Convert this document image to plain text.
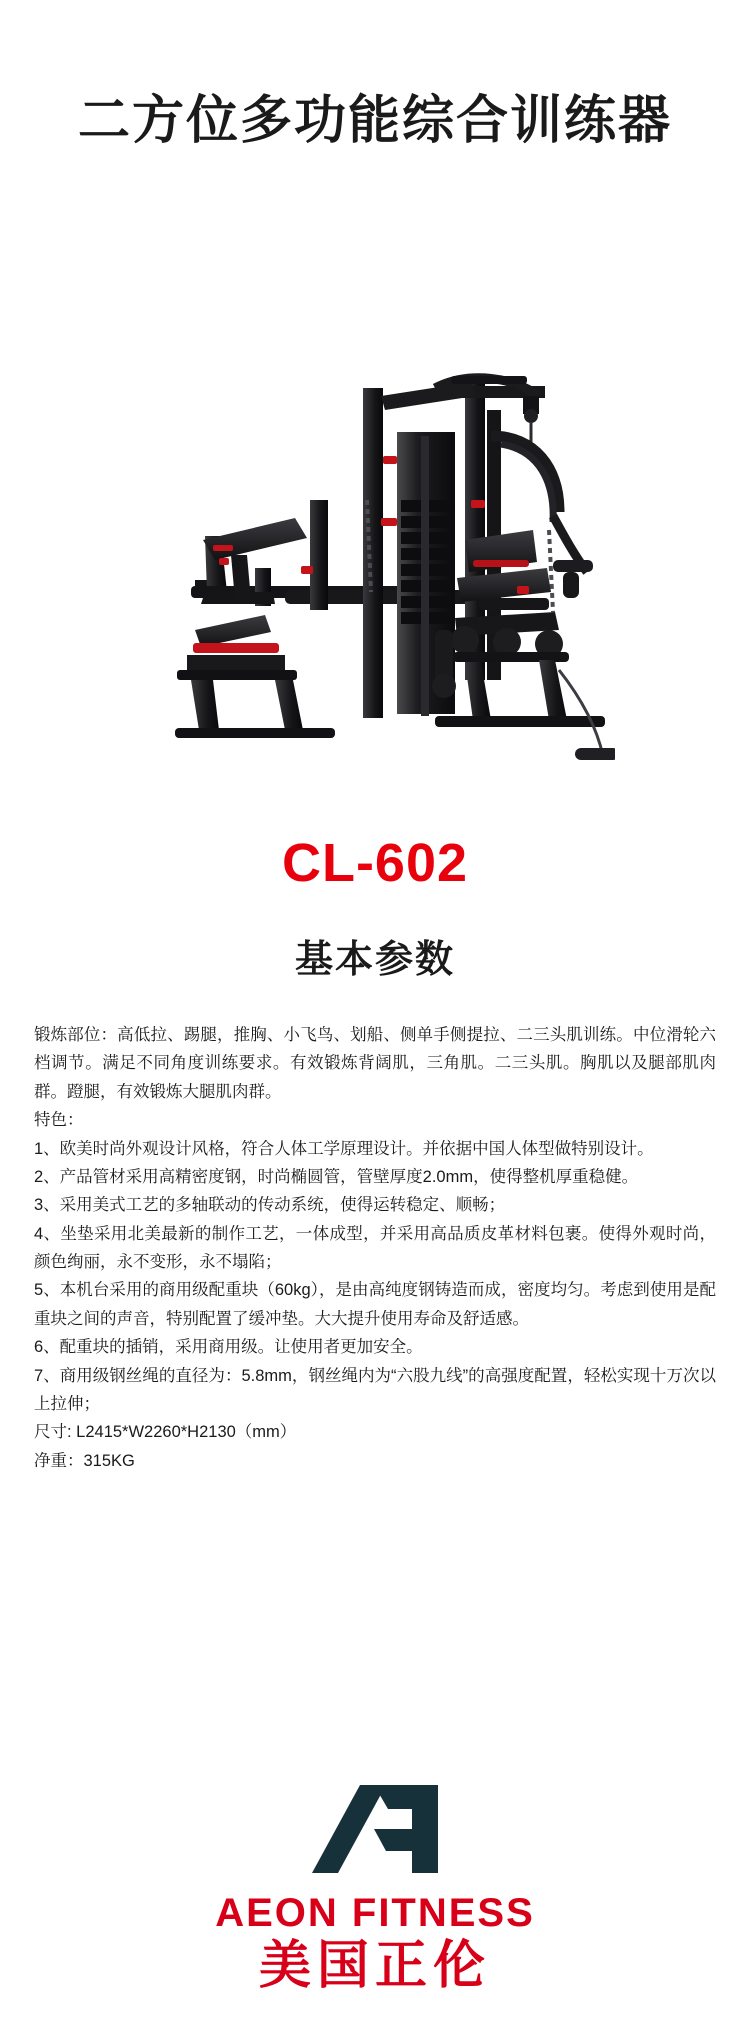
二方位多功能综合训练器
CL-602
基本参数

锻炼部位：高低拉、踢腿，推胸、小飞鸟、划船、侧单手侧提拉、二三头肌训练。中位滑轮六档调节。满足不同角度训练要求。有效锻炼背阔肌，三角肌。二三头肌。胸肌以及腿部肌肉群。蹬腿，有效锻炼大腿肌肉群。

特色：

1、欧美时尚外观设计风格，符合人体工学原理设计。并依据中国人体型做特别设计。

2、产品管材采用高精密度钢，时尚椭圆管，管壁厚度2.0mm，使得整机厚重稳健。

3、采用美式工艺的多轴联动的传动系统，使得运转稳定、顺畅；

4、坐垫采用北美最新的制作工艺，一体成型，并采用高品质皮革材料包裹。使得外观时尚，颜色绚丽，永不变形，永不塌陷；

5、本机台采用的商用级配重块（60kg），是由高纯度钢铸造而成，密度均匀。考虑到使用是配重块之间的声音，特别配置了缓冲垫。大大提升使用寿命及舒适感。

6、配重块的插销，采用商用级。让使用者更加安全。

7、商用级钢丝绳的直径为：5.8mm，钢丝绳内为“六股九线”的高强度配置，轻松实现十万次以上拉伸；

尺寸: L2415*W2260*H2130（mm）

净重：315KG

AEON FITNESS
美国正伦
